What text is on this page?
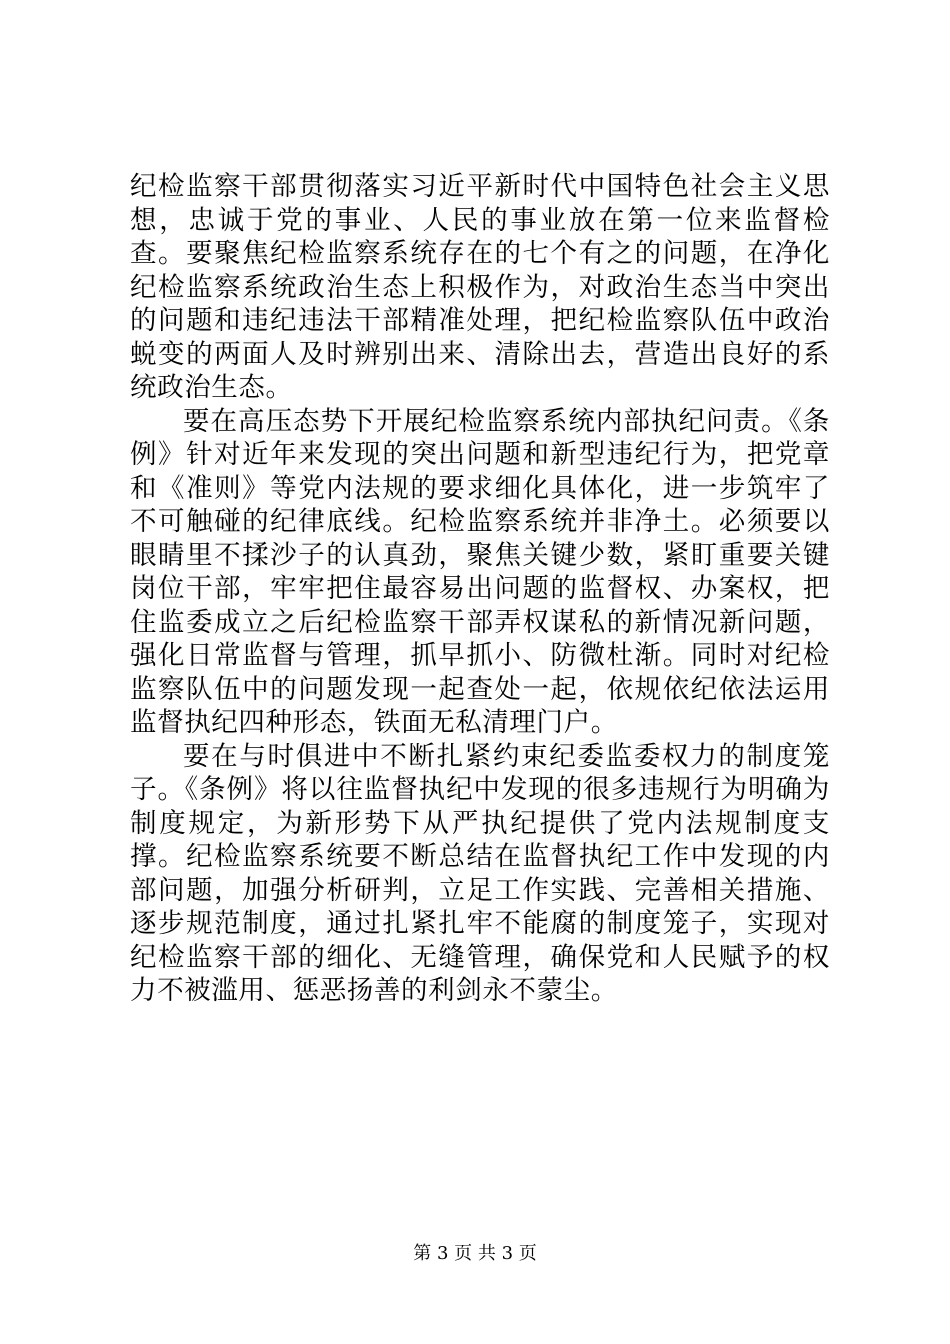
纪检监察干部贯彻落实习近平新时代中国特色社会主义思想，忠诚于党的事业、人民的事业放在第一位来监督检查。要聚焦纪检监察系统存在的七个有之的问题，在净化纪检监察系统政治生态上积极作为，对政治生态当中突出的问题和违纪违法干部精准处理，把纪检监察队伍中政治蜕变的两面人及时辨别出来、清除出去，营造出良好的系统政治生态。

要在高压态势下开展纪检监察系统内部执纪问责。《条例》针对近年来发现的突出问题和新型违纪行为，把党章和《准则》等党内法规的要求细化具体化，进一步筑牢了不可触碰的纪律底线。纪检监察系统并非净土。必须要以眼睛里不揉沙子的认真劲，聚焦关键少数，紧盯重要关键岗位干部，牢牢把住最容易出问题的监督权、办案权，把住监委成立之后纪检监察干部弄权谋私的新情况新问题，强化日常监督与管理，抓早抓小、防微杜渐。同时对纪检监察队伍中的问题发现一起查处一起，依规依纪依法运用监督执纪四种形态，铁面无私清理门户。

要在与时俱进中不断扎紧约束纪委监委权力的制度笼子。《条例》将以往监督执纪中发现的很多违规行为明确为制度规定，为新形势下从严执纪提供了党内法规制度支撑。纪检监察系统要不断总结在监督执纪工作中发现的内部问题，加强分析研判，立足工作实践、完善相关措施、逐步规范制度，通过扎紧扎牢不能腐的制度笼子，实现对纪检监察干部的细化、无缝管理，确保党和人民赋予的权力不被滥用、惩恶扬善的利剑永不蒙尘。

第 3 页 共 3 页
